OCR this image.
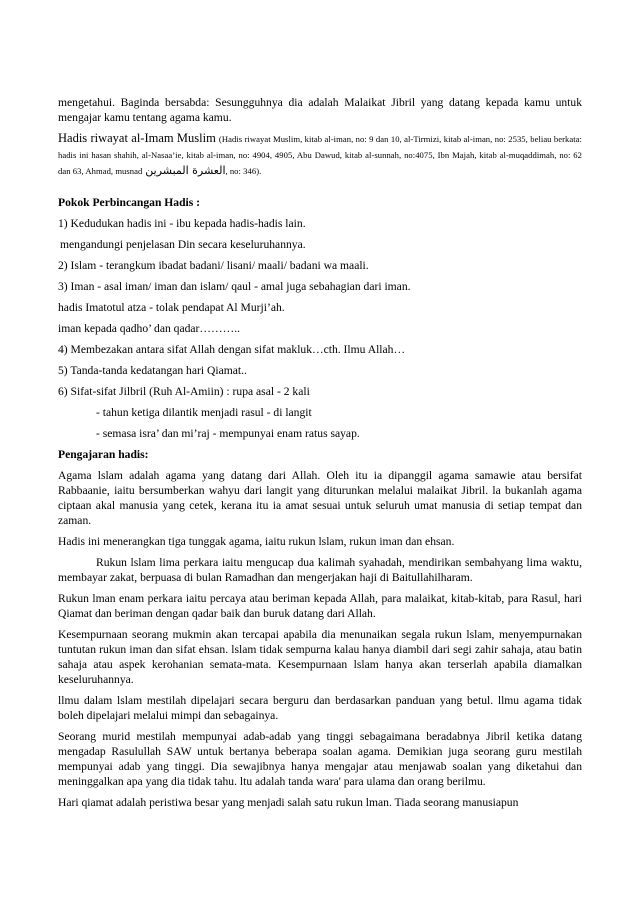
mengetahui. Baginda bersabda: Sesungguhnya dia adalah Malaikat Jibril yang datang kepada kamu untuk mengajar kamu tentang agama kamu.

Hadis riwayat al-Imam Muslim (Hadis riwayat Muslim, kitab al-iman, no: 9 dan 10, al-Tirmizi, kitab al-iman, no: 2535, beliau berkata: hadis ini hasan shahih, al-Nasaa’ie, kitab al-iman, no: 4904, 4905, Abu Dawud, kitab al-sunnah, no:4075, Ibn Majah, kitab al-muqaddimah, no: 62 dan 63, Ahmad, musnad العشرة المبشرين, no: 346).

Pokok Perbincangan Hadis :

1) Kedudukan hadis ini - ibu kepada hadis-hadis lain.

mengandungi penjelasan Din secara keseluruhannya.

2) Islam - terangkum ibadat badani/ lisani/ maali/ badani wa maali.

3) Iman - asal iman/ iman dan islam/ qaul - amal juga sebahagian dari iman.

hadis Imatotul atza - tolak pendapat Al Murji’ah.

iman kepada qadho’ dan qadar………..

4) Membezakan antara sifat Allah dengan sifat makluk…cth. Ilmu Allah…

5) Tanda-tanda kedatangan hari Qiamat..

6) Sifat-sifat Jilbril (Ruh Al-Amiin) : rupa asal - 2 kali

- tahun ketiga dilantik menjadi rasul - di langit

- semasa isra’ dan mi’raj - mempunyai enam ratus sayap.

Pengajaran hadis:

Agama lslam adalah agama yang datang dari Allah. Oleh itu ia dipanggil agama samawie atau bersifat Rabbaanie, iaitu bersumberkan wahyu dari langit yang diturunkan melalui malaikat Jibril. la bukanlah agama ciptaan akal manusia yang cetek, kerana itu ia amat sesuai untuk seluruh umat manusia di setiap tempat dan zaman.

Hadis ini menerangkan tiga tunggak agama, iaitu rukun lslam, rukun iman dan ehsan.

Rukun lslam lima perkara iaitu mengucap dua kalimah syahadah, mendirikan sembahyang lima waktu, membayar zakat, berpuasa di bulan Ramadhan dan mengerjakan haji di Baitullahilharam.

Rukun lman enam perkara iaitu percaya atau beriman kepada Allah, para malaikat, kitab-kitab, para Rasul, hari Qiamat dan beriman dengan qadar baik dan buruk datang dari Allah.

Kesempurnaan seorang mukmin akan tercapai apabila dia menunaikan segala rukun lslam, menyempurnakan tuntutan rukun iman dan sifat ehsan. lslam tidak sempurna kalau hanya diambil dari segi zahir sahaja, atau batin sahaja atau aspek kerohanian semata-mata. Kesempurnaan lslam hanya akan terserlah apabila diamalkan keseluruhannya.

llmu dalam lslam mestilah dipelajari secara berguru dan berdasarkan panduan yang betul. llmu agama tidak boleh dipelajari melalui mimpi dan sebagainya.

Seorang murid mestilah mempunyai adab-adab yang tinggi sebagaimana beradabnya Jibril ketika datang mengadap Rasulullah SAW untuk bertanya beberapa soalan agama. Demikian juga seorang guru mestilah mempunyai adab yang tinggi. Dia sewajibnya hanya mengajar atau menjawab soalan yang diketahui dan meninggalkan apa yang dia tidak tahu. ltu adalah tanda wara' para ulama dan orang berilmu.

Hari qiamat adalah peristiwa besar yang menjadi salah satu rukun lman. Tiada seorang manusiapun
